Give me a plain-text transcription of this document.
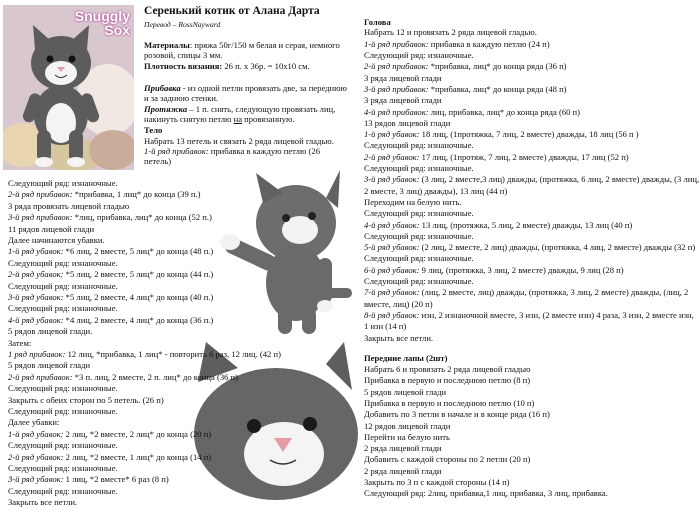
Snuggly
Sox
Серенький котик от Алана Дарта
Перевод – RossNayward
Материалы: пряжа 50г/150 м белая и серая, немного
розовой, спицы 3 мм.
Плотность вязания: 26 п. х 36р. = 10х10 см.
Прибавка - из одной петли провязать две, за переднюю
и за заднюю стенки.
Протяжка – 1 п. снять, следующую провязать лиц,
накинуть снятую петлю на провязанную.
Тело
Набрать 13 петель и связать 2 ряда лицевой гладью.
1-й ряд прибавок: прибавка в каждую петлю (26
петель)
Следующий ряд: изнаночные.
2-й ряд прибавок: *прибавка, 1 лиц* до конца (39 п.)
3 ряда провязать лицевой гладью
3-й ряд прибавок: *лиц, прибавка, лиц* до конца (52 п.)
11 рядов лицевой глади
Далее начинаются убавки.
1-й ряд убавок: *6 лиц, 2 вместе, 5 лиц* до конца (48 п.)
Следующий ряд: изнаночные.
2-й ряд убавок: *5 лиц, 2 вместе, 5 лиц* до конца (44 п.)
Следующий ряд: изнаночные.
3-й ряд убавок: *5 лиц, 2 вместе, 4 лиц* до конца (40 п.)
Следующий ряд: изнаночные.
4-й ряд убавок: *4 лиц, 2 вместе, 4 лиц* до конца (36 п.)
5 рядов лицевой глади.
Затем:
1 ряд прибавок: 12 лиц, *прибавка, 1 лиц* - повторить 6 раз, 12 лиц. (42 п)
5 рядов лицевой глади
2-й ряд прибавок: *3 п. лиц, 2 вместе, 2 п. лиц* до конца (36 п)
Следующий ряд: изнаночные.
Закрыть с обеих сторон по 5 петель. (26 п)
Следующий ряд: изнаночные.
Далее убавки:
1-й ряд убавок: 2 лиц, *2 вместе, 2 лиц* до конца (20 п)
Следующий ряд: изнаночные.
2-й ряд убавок: 2 лиц, *2 вместе, 1 лиц* до конца (14 п)
Следующий ряд: изнаночные.
3-й ряд убавок: 1 лиц, *2 вместе* 6 раз (8 п)
Следующий ряд: изнаночные.
Закрыть все петли.
Голова
Набрать 12 и провязать 2 ряда лицевой гладью.
1-й ряд прибавок: прибавка в каждую петлю (24 п)
Следующий ряд: изнаночные.
2-й ряд прибавок: *прибавка, лиц* до конца ряда (36 п)
3 ряда лицевой глади
3-й ряд прибавок: *прибавка, лиц* до конца ряда (48 п)
3 ряда лицевой глади
4-й ряд прибавок: лиц, прибавка, лиц* до конца ряда (60 п)
13 рядов лицевой глади
1-й ряд убавок: 18 лиц, (1протяжка, 7 лиц, 2 вместе) дважды, 18 лиц (56 п )
Следующий ряд: изнаночные.
2-й ряд убавок: 17 лиц, (1протяж, 7 лиц, 2 вместе) дважды, 17 лиц (52 п)
Следующий ряд: изнаночные.
3-й ряд убавок: (3 лиц, 2 вместе,3 лиц) дважды, (протяжка, 6 лиц, 2 вместе) дважды, (3 лиц,
2 вместе, 3 лиц) дважды), 13 лиц (44 п)
Переходим на белую нить.
Следующий ряд: изнаночные.
4-й ряд убавок: 13 лиц, (протяжка, 5 лиц, 2 вместе) дважды, 13 лиц (40 п)
Следующий ряд: изнаночные.
5-й ряд убавок: (2 лиц, 2 вместе, 2 лиц) дважды, (протяжка, 4 лиц, 2 вместе) дважды (32 п)
Следующий ряд: изнаночные.
6-й ряд убавок: 9 лиц, (протяжка, 3 лиц, 2 вместе) дважды, 9 лиц (28 п)
Следующий ряд: изнаночные.
7-й ряд убавок: (лиц, 2 вместе, лиц) дважды, (протяжка, 3 лиц, 2 вместе) дважды, (лиц, 2
вместе, лиц) (20 п)
8-й ряд убавок: изн, 2 изнаночной вместе, 3 изн, (2 вместе изн) 4 раза, 3 изн, 2 вместе изн,
1 изн (14 п)
Закрыть все петли.
Передние лапы (2шт)
Набрать 6 и провязать 2 ряда лицевой гладью
Прибавка в первую и последнюю петлю (8 п)
5 рядов лицевой глади
Прибавка в первую и последнюю петлю (10 п)
Добавить по 3 петли в начале и в конце ряда (16 п)
12 рядов лицевой глади
Перейти на белую нить
2 ряда лицевой глади
Добавить с каждой стороны по 2 петли (20 п)
2 ряда лицевой глади
Закрыть по 3 п с каждой стороны (14 п)
Следующий ряд: 2лиц, прибавка,1 лиц, прибавка, 3 лиц, прибавка.
